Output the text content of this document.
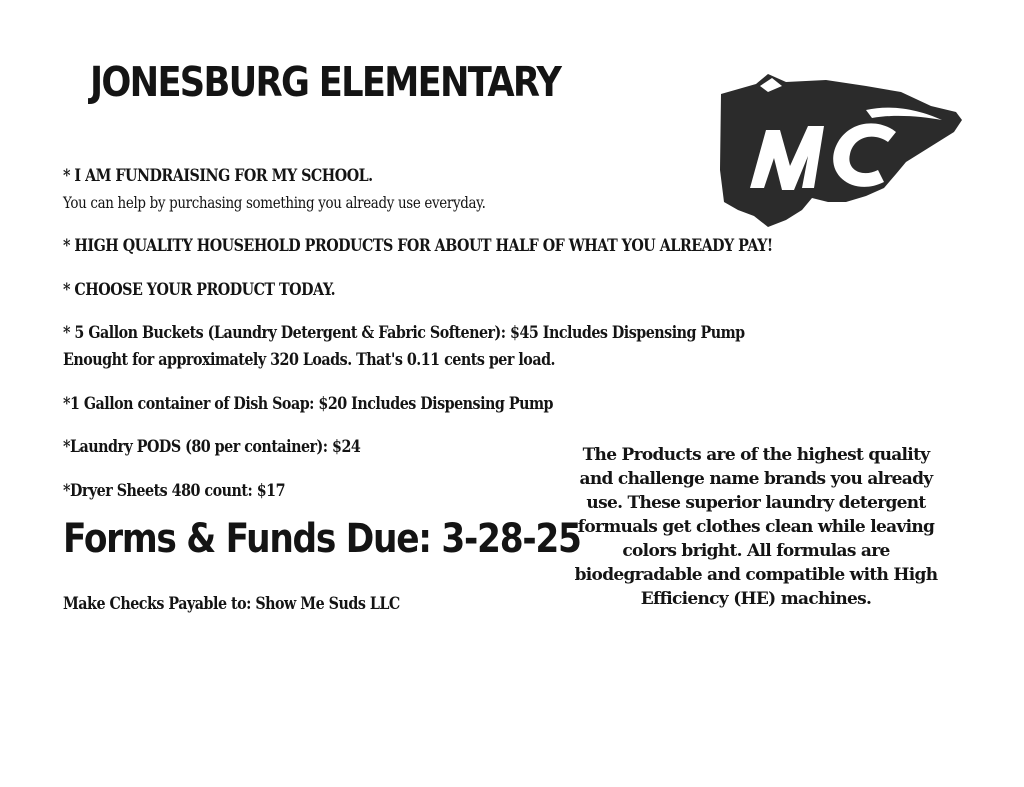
JONESBURG ELEMENTARY
* I AM FUNDRAISING FOR MY SCHOOL.
You can help by purchasing something you already use everyday.
* HIGH QUALITY HOUSEHOLD PRODUCTS FOR ABOUT HALF OF WHAT YOU ALREADY PAY!
* CHOOSE YOUR PRODUCT TODAY.
* 5 Gallon Buckets (Laundry Detergent & Fabric Softener): $45 Includes Dispensing Pump
Enought for approximately 320 Loads. That's 0.11 cents per load.
*1 Gallon container of Dish Soap: $20 Includes Dispensing Pump
*Laundry PODS (80 per container): $24
*Dryer Sheets 480 count: $17
Forms & Funds Due: 3-28-25
Make Checks Payable to: Show Me Suds LLC
The Products are of the highest quality and challenge name brands you already use. These superior laundry detergent formuals get clothes clean while leaving colors bright. All formulas are biodegradable and compatible with High Efficiency (HE) machines.
